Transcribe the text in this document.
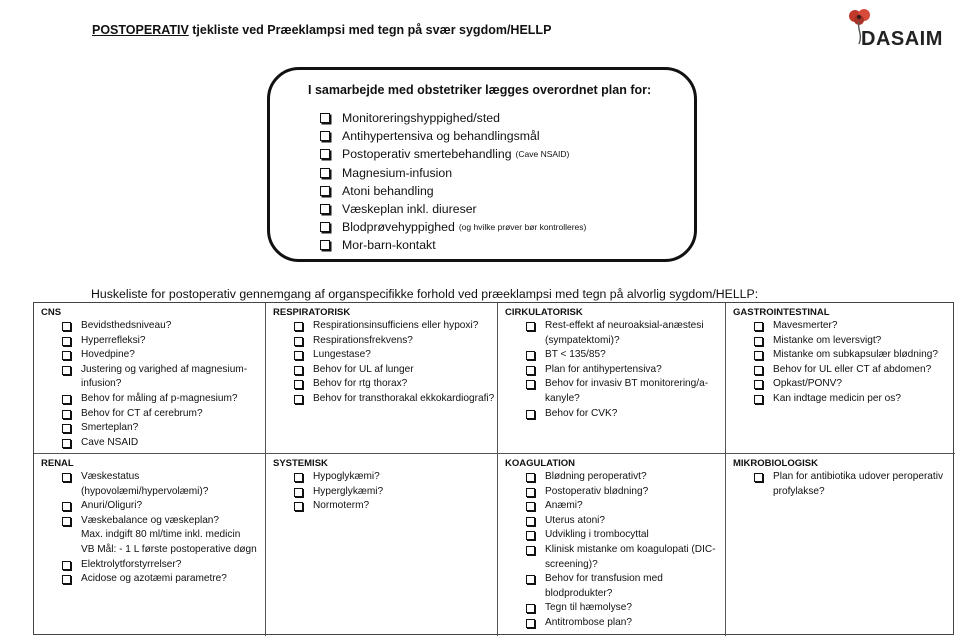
POSTOPERATIV tjekliste ved Præeklampsi med tegn på svær sygdom/HELLP	DASAIM
I samarbejde med obstetriker lægges overordnet plan for:
Monitoreringshyppighed/sted
Antihypertensiva og behandlingsmål
Postoperativ smertebehandling (Cave NSAID)
Magnesium-infusion
Atoni behandling
Væskeplan inkl. diureser
Blodprøvehyppighed (og hvilke prøver bør kontrolleres)
Mor-barn-kontakt
Huskeliste for postoperativ gennemgang af organspecifikke forhold ved præeklampsi med tegn på alvorlig sygdom/HELLP:
CNS
Bevidsthedsniveau?
Hyperrefleksi?
Hovedpine?
Justering og varighed af magnesium-infusion?
Behov for måling af p-magnesium?
Behov for CT af cerebrum?
Smerteplan?
Cave NSAID
RESPIRATORISK
Respirationsinsufficiens eller hypoxi?
Respirationsfrekvens?
Lungestase?
Behov for UL af lunger
Behov for rtg thorax?
Behov for transthorakal ekkokardiografi?
CIRKULATORISK
Rest-effekt af neuroaksial-anæstesi (sympatektomi)?
BT < 135/85?
Plan for antihypertensiva?
Behov for invasiv BT monitorering/a-kanyle?
Behov for CVK?
GASTROINTESTINAL
Mavesmerter?
Mistanke om leversvigt?
Mistanke om subkapsulær blødning?
Behov for UL eller CT af abdomen?
Opkast/PONV?
Kan indtage medicin per os?
RENAL
Væskestatus (hypovolæmi/hypervolæmi)?
Anuri/Oliguri?
Væskebalance og væskeplan?
Max. indgift 80 ml/time inkl. medicin
VB Mål: - 1 L første postoperative døgn
Elektrolytforstyrrelser?
Acidose og azotæmi parametre?
SYSTEMISK
Hypoglykæmi?
Hyperglykæmi?
Normoterm?
KOAGULATION
Blødning peroperativt?
Postoperativ blødning?
Anæmi?
Uterus atoni?
Udvikling i trombocyttal
Klinisk mistanke om koagulopati (DIC-screening)?
Behov for transfusion med blodprodukter?
Tegn til hæmolyse?
Antitrombose plan?
MIKROBIOLOGISK
Plan for antibiotika udover peroperativ profylakse?
